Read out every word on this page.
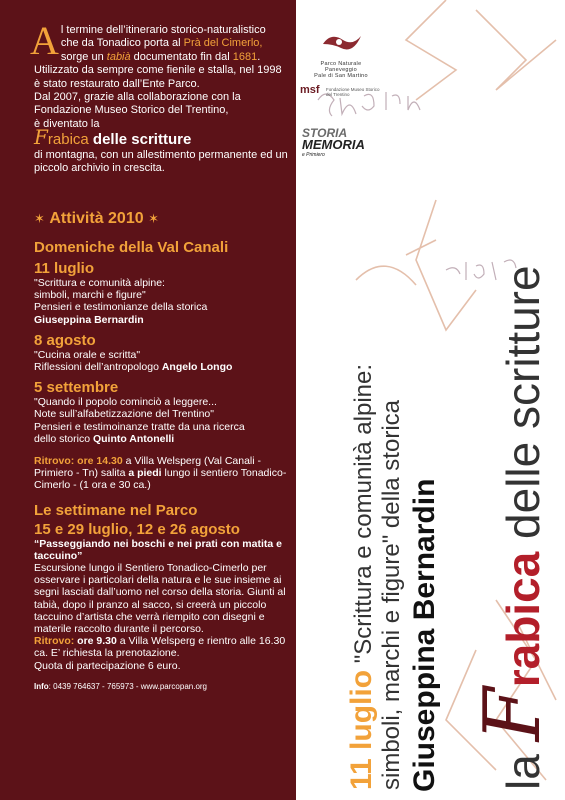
A l termine dell’itinerario storico-naturalistico
che da Tonadico porta al Prà del Cimerlo,
sorge un tabià documentato fin dal 1681.
Utilizzato da sempre come fienile e stalla, nel 1998 è stato restaurato dall’Ente Parco.
Dal 2007, grazie alla collaborazione con la Fondazione Museo Storico del Trentino,
è diventato la
Frabica delle scritture
di montagna, con un allestimento permanente ed un piccolo archivio in crescita.
✶ Attività 2010 ✶
Domeniche della Val Canali
11 luglio
"Scrittura e comunità alpine:
simboli, marchi e figure"
Pensieri e testimonianze della storica
Giuseppina Bernardin
8 agosto
"Cucina orale e scritta"
Riflessioni dell’antropologo Angelo Longo
5 settembre
"Quando il popolo cominciò a leggere...
Note sull’alfabetizzazione del Trentino"
Pensieri e testimoinanze tratte da una ricerca
dello storico Quinto Antonelli
Ritrovo: ore 14.30 a Villa Welsperg (Val Canali - Primiero - Tn) salita a piedi lungo il sentiero Tonadico-Cimerlo - (1 ora e 30 ca.)
Le settimane nel Parco
15 e 29 luglio, 12 e 26 agosto
“Passeggiando nei boschi e nei prati con matita e taccuino”
Escursione lungo il Sentiero Tonadico-Cimerlo per osservare i particolari della natura e le sue insieme ai segni lasciati dall’uomo nel corso della storia. Giunti al tabià, dopo il pranzo al sacco, si creerà un piccolo taccuino d’artista che verrà riempito con disegni e materile raccolto durante il percorso.
Ritrovo: ore 9.30 a Villa Welsperg e rientro alle 16.30 ca. E’ richiesta la prenotazione.
Quota di partecipazione 6 euro.
Info: 0439 764637 - 765973 - www.parcopan.org
Parco Naturale
Paneveggio
Pale di San Martino
msf Fondazione Museo Storico del Trentino
STORIA
MEMORIA
e Primiero
la Frabica delle scritture
Giuseppina Bernardin
simboli, marchi e figure" della storica
11 luglio "Scrittura e comunità alpine:
